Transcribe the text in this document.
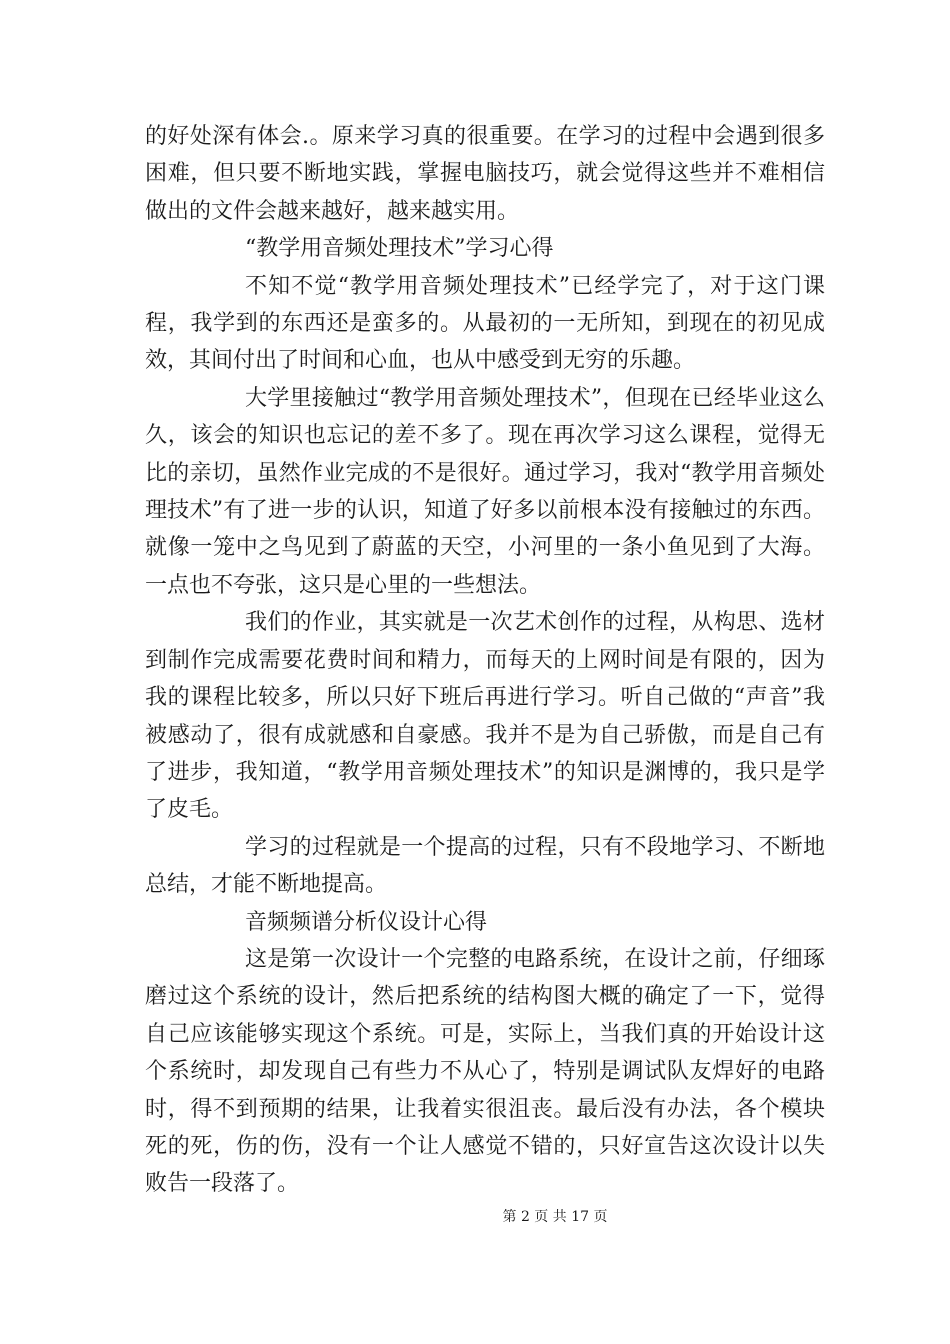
的好处深有体会.。原来学习真的很重要。在学习的过程中会遇到很多困难，但只要不断地实践，掌握电脑技巧，就会觉得这些并不难相信做出的文件会越来越好，越来越实用。

“教学用音频处理技术”学习心得

不知不觉“教学用音频处理技术”已经学完了，对于这门课程，我学到的东西还是蛮多的。从最初的一无所知，到现在的初见成效，其间付出了时间和心血，也从中感受到无穷的乐趣。

大学里接触过“教学用音频处理技术”，但现在已经毕业这么久，该会的知识也忘记的差不多了。现在再次学习这么课程，觉得无比的亲切，虽然作业完成的不是很好。通过学习，我对“教学用音频处理技术”有了进一步的认识，知道了好多以前根本没有接触过的东西。就像一笼中之鸟见到了蔚蓝的天空，小河里的一条小鱼见到了大海。一点也不夸张，这只是心里的一些想法。

我们的作业，其实就是一次艺术创作的过程，从构思、选材到制作完成需要花费时间和精力，而每天的上网时间是有限的，因为我的课程比较多，所以只好下班后再进行学习。听自己做的“声音”我被感动了，很有成就感和自豪感。我并不是为自己骄傲，而是自己有了进步，我知道，“教学用音频处理技术”的知识是渊博的，我只是学了皮毛。

学习的过程就是一个提高的过程，只有不段地学习、不断地总结，才能不断地提高。

音频频谱分析仪设计心得

这是第一次设计一个完整的电路系统，在设计之前，仔细琢磨过这个系统的设计，然后把系统的结构图大概的确定了一下，觉得自己应该能够实现这个系统。可是，实际上，当我们真的开始设计这个系统时，却发现自己有些力不从心了，特别是调试队友焊好的电路时，得不到预期的结果，让我着实很沮丧。最后没有办法，各个模块死的死，伤的伤，没有一个让人感觉不错的，只好宣告这次设计以失败告一段落了。

第 2 页 共 17 页
